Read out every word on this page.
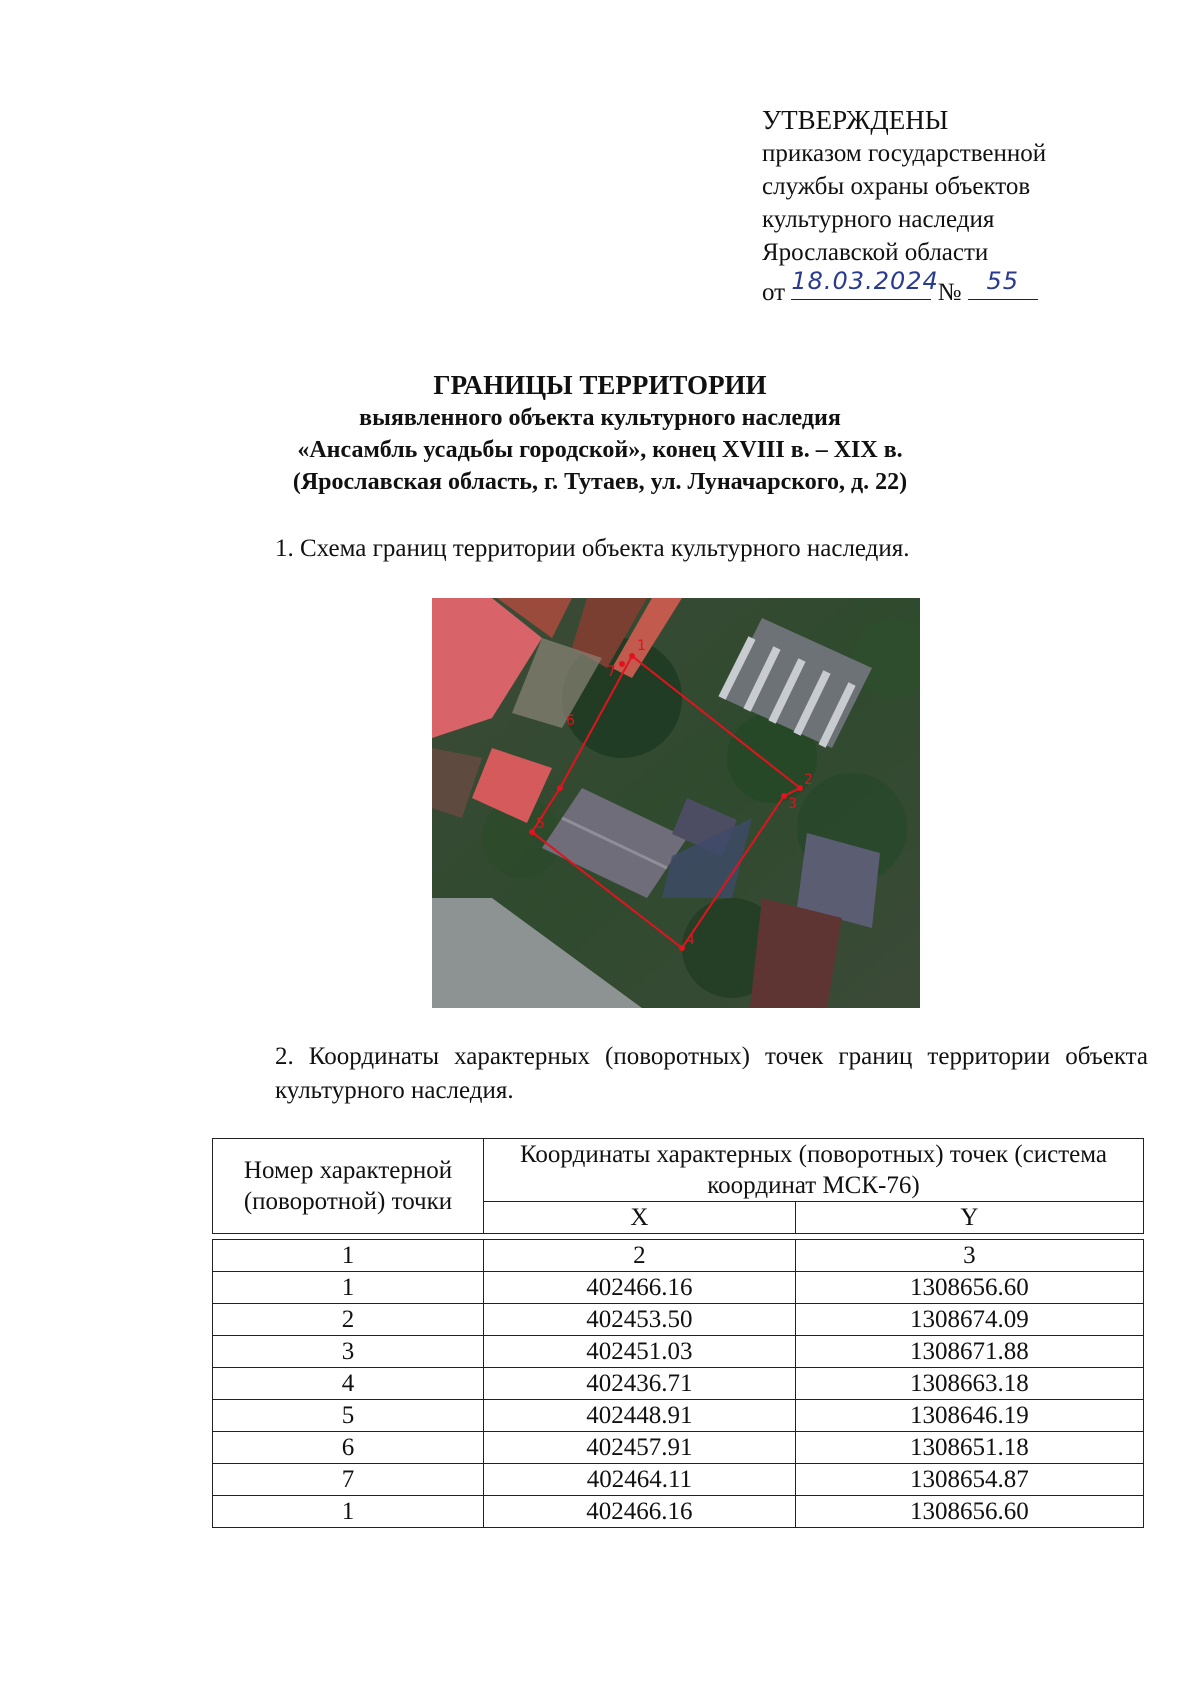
УТВЕРЖДЕНЫ
приказом государственной
службы охраны объектов
культурного наследия
Ярославской области
от 18.03.2024
№	55
ГРАНИЦЫ ТЕРРИТОРИИ
выявленного объекта культурного наследия
«Ансамбль усадьбы городской», конец XVIII в. – XIX в.
(Ярославская область, г. Тутаев, ул. Луначарского, д. 22)
1. Схема границ территории объекта культурного наследия.
1
2
3
4
5
6
7
2. Координаты характерных (поворотных) точек границ территории объекта культурного наследия.
Номер характерной (поворотной) точки	Координаты характерных (поворотных) точек (система координат МСК-76)	
	X	Y

1	2	3
1	402466.16	1308656.60
2	402453.50	1308674.09
3	402451.03	1308671.88
4	402436.71	1308663.18
5	402448.91	1308646.19
6	402457.91	1308651.18
7	402464.11	1308654.87
1	402466.16	1308656.60
